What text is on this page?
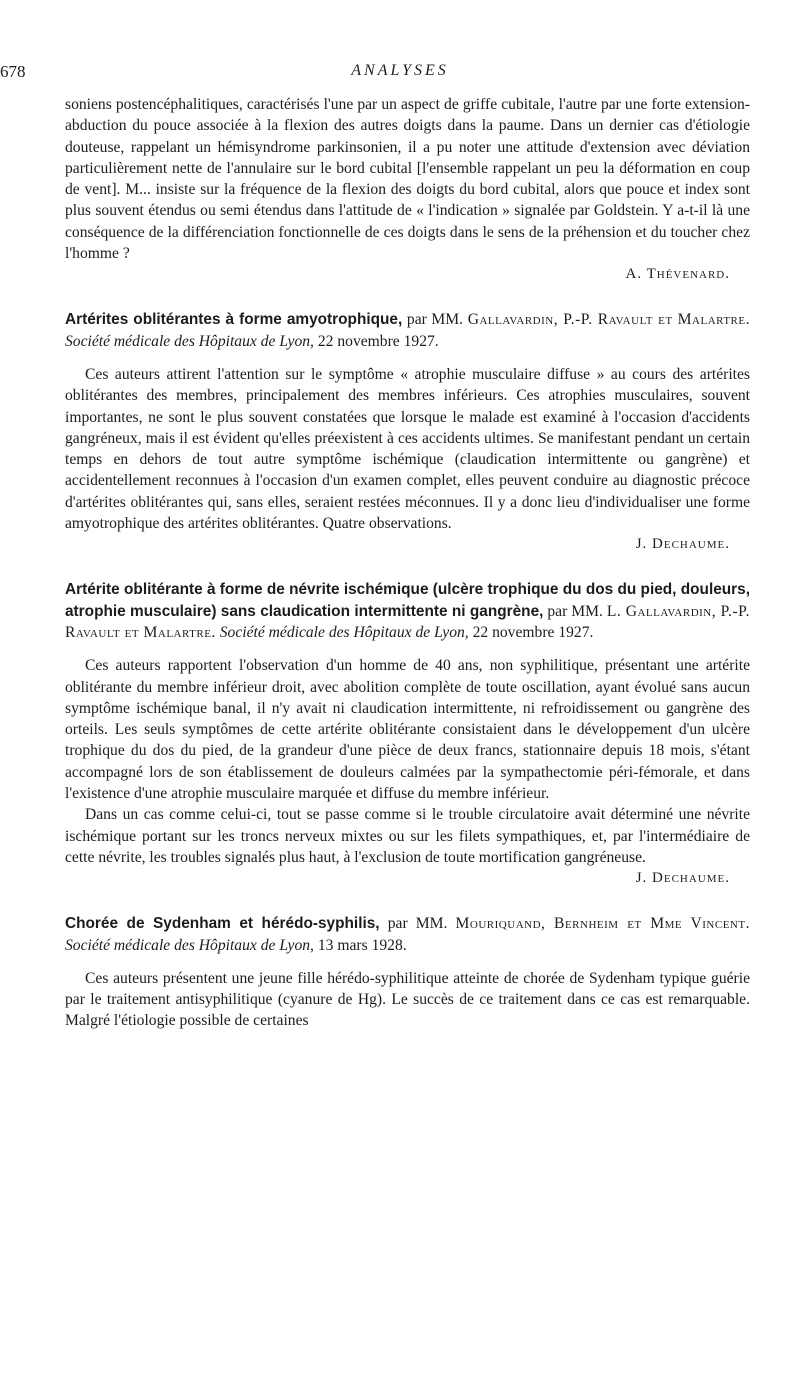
678	ANALYSES

soniens postencéphalitiques, caractérisés l'une par un aspect de griffe cubitale, l'autre par une forte extension-abduction du pouce associée à la flexion des autres doigts dans la paume. Dans un dernier cas d'étiologie douteuse, rappelant un hémisyndrome parkinsonien, il a pu noter une attitude d'extension avec déviation particulièrement nette de l'annulaire sur le bord cubital [l'ensemble rappelant un peu la déformation en coup de vent]. M... insiste sur la fréquence de la flexion des doigts du bord cubital, alors que pouce et index sont plus souvent étendus ou semi étendus dans l'attitude de « l'indication » signalée par Goldstein. Y a-t-il là une conséquence de la différenciation fonctionnelle de ces doigts dans le sens de la préhension et du toucher chez l'homme ?

A. Thévenard.

Artérites oblitérantes à forme amyotrophique, par MM. Gallavardin, P.-P. Ravault et Malartre. Société médicale des Hôpitaux de Lyon, 22 novembre 1927.

Ces auteurs attirent l'attention sur le symptôme « atrophie musculaire diffuse » au cours des artérites oblitérantes des membres, principalement des membres inférieurs. Ces atrophies musculaires, souvent importantes, ne sont le plus souvent constatées que lorsque le malade est examiné à l'occasion d'accidents gangréneux, mais il est évident qu'elles préexistent à ces accidents ultimes. Se manifestant pendant un certain temps en dehors de tout autre symptôme ischémique (claudication intermittente ou gangrène) et accidentellement reconnues à l'occasion d'un examen complet, elles peuvent conduire au diagnostic précoce d'artérites oblitérantes qui, sans elles, seraient restées méconnues. Il y a donc lieu d'individualiser une forme amyotrophique des artérites oblitérantes. Quatre observations.

J. Dechaume.

Artérite oblitérante à forme de névrite ischémique (ulcère trophique du dos du pied, douleurs, atrophie musculaire) sans claudication intermittente ni gangrène, par MM. L. Gallavardin, P.-P. Ravault et Malartre. Société médicale des Hôpitaux de Lyon, 22 novembre 1927.

Ces auteurs rapportent l'observation d'un homme de 40 ans, non syphilitique, présentant une artérite oblitérante du membre inférieur droit, avec abolition complète de toute oscillation, ayant évolué sans aucun symptôme ischémique banal, il n'y avait ni claudication intermittente, ni refroidissement ou gangrène des orteils. Les seuls symptômes de cette artérite oblitérante consistaient dans le développement d'un ulcère trophique du dos du pied, de la grandeur d'une pièce de deux francs, stationnaire depuis 18 mois, s'étant accompagné lors de son établissement de douleurs calmées par la sympathectomie péri-fémorale, et dans l'existence d'une atrophie musculaire marquée et diffuse du membre inférieur.

Dans un cas comme celui-ci, tout se passe comme si le trouble circulatoire avait déterminé une névrite ischémique portant sur les troncs nerveux mixtes ou sur les filets sympathiques, et, par l'intermédiaire de cette névrite, les troubles signalés plus haut, à l'exclusion de toute mortification gangréneuse.

J. Dechaume.

Chorée de Sydenham et hérédo-syphilis, par MM. Mouriquand, Bernheim et Mme Vincent. Société médicale des Hôpitaux de Lyon, 13 mars 1928.

Ces auteurs présentent une jeune fille hérédo-syphilitique atteinte de chorée de Sydenham typique guérie par le traitement antisyphilitique (cyanure de Hg). Le succès de ce traitement dans ce cas est remarquable. Malgré l'étiologie possible de certaines
